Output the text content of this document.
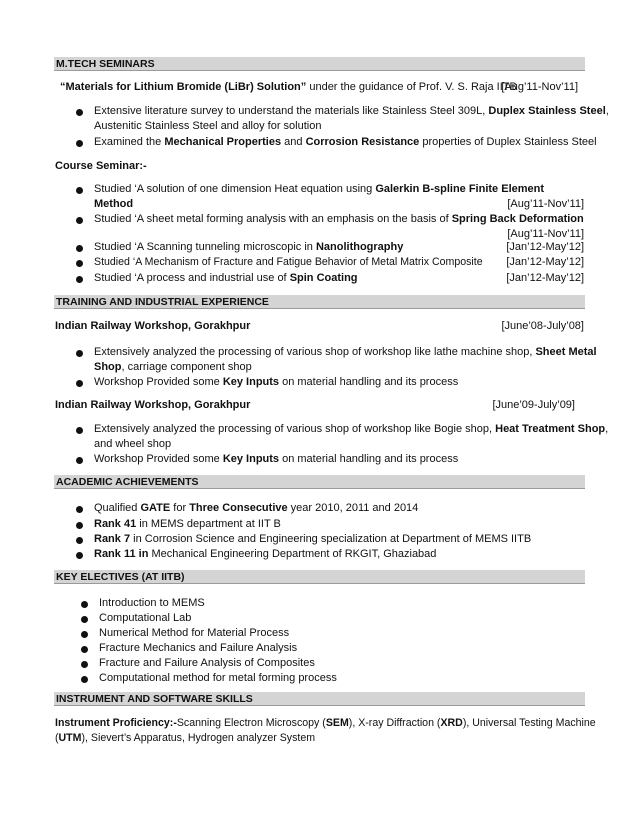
M.TECH SEMINARS
“Materials for Lithium Bromide (LiBr) Solution” under the guidance of Prof. V. S. Raja IITB
[Aug’11-Nov’11]
Extensive literature survey to understand the materials like Stainless Steel 309L, Duplex Stainless Steel,
Austenitic Stainless Steel and alloy for solution
Examined the Mechanical Properties and Corrosion Resistance properties of Duplex Stainless Steel
Course Seminar:-
Studied ‘A solution of one dimension Heat equation using Galerkin B-spline Finite Element
Method	[Aug’11-Nov’11]
Studied ‘A sheet metal forming analysis with an emphasis on the basis of Spring Back Deformation
[Aug’11-Nov’11]
Studied ‘A Scanning tunneling microscopic in Nanolithography	[Jan’12-May’12]
Studied ‘A Mechanism of Fracture and Fatigue Behavior of Metal Matrix Composite [Jan’12-May’12]
Studied ‘A process and industrial use of Spin Coating	[Jan’12-May’12]
TRAINING AND INDUSTRIAL EXPERIENCE
Indian Railway Workshop, Gorakhpur	[June’08-July’08]
Extensively analyzed the processing of various shop of workshop like lathe machine shop, Sheet Metal
Shop, carriage component shop
Workshop Provided some Key Inputs on material handling and its process
Indian Railway Workshop, Gorakhpur	[June’09-July’09]
Extensively analyzed the processing of various shop of workshop like Bogie shop, Heat Treatment Shop,
and wheel shop
Workshop Provided some Key Inputs on material handling and its process
ACADEMIC ACHIEVEMENTS
Qualified GATE for Three Consecutive year 2010, 2011 and 2014
Rank 41 in MEMS department at IIT B
Rank 7 in Corrosion Science and Engineering specialization at Department of MEMS IITB
Rank 11 in Mechanical Engineering Department of RKGIT, Ghaziabad
KEY ELECTIVES (AT IITB)
Introduction to MEMS
Computational Lab
Numerical Method for Material Process
Fracture Mechanics and Failure Analysis
Fracture and Failure Analysis of Composites
Computational method for metal forming process
INSTRUMENT AND SOFTWARE SKILLS
Instrument Proficiency:-Scanning Electron Microscopy (SEM), X-ray Diffraction (XRD), Universal Testing Machine
(UTM), Sievert’s Apparatus, Hydrogen analyzer System
